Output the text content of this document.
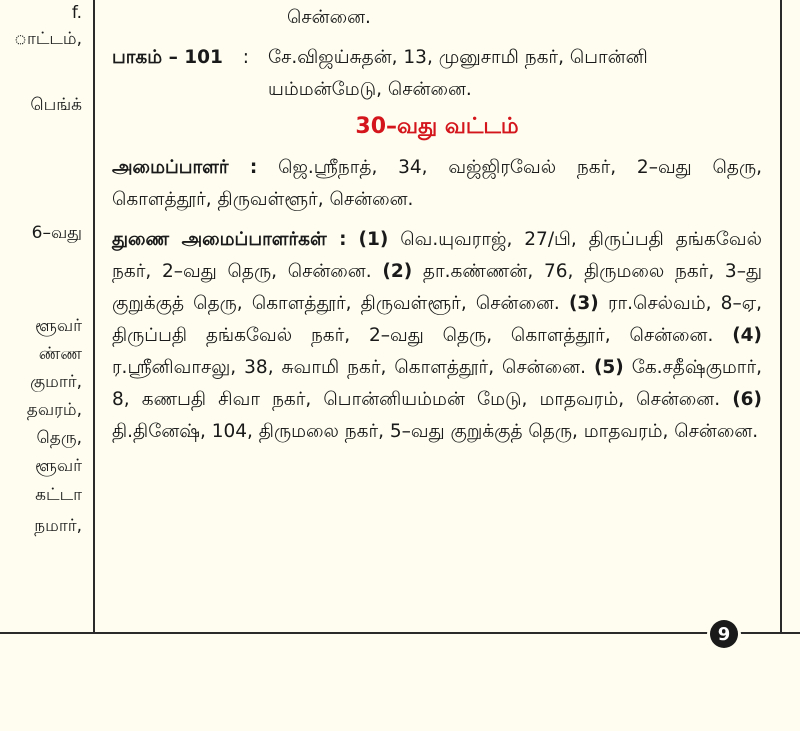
f.
ாட்டம்,
பெங்க்
6–வது
ளூவர்
ண்ண
குமார்,
தவரம்,
தெரு,
ளூவர்
கட்டா
நமார்,
9

சென்னை.

பாகம் – 101 :	சே.விஜய்சுதன், 13, முனுசாமி நகர், பொன்னி
யம்மன்மேடு, சென்னை.

30–வது வட்டம்

அமைப்பாளர் : ஜெ.ஸ்ரீநாத், 34, வஜ்ஜிரவேல் நகர், 2–வது தெரு, கொளத்தூர், திருவள்ளூர், சென்னை.

துணை அமைப்பாளர்கள் : (1) வெ.யுவராஜ், 27/பி, திருப்பதி தங்கவேல் நகர், 2–வது தெரு, சென்னை. (2) தா.கண்ணன், 76, திருமலை நகர், 3–து குறுக்குத் தெரு, கொளத்தூர், திருவள்ளூர், சென்னை. (3) ரா.செல்வம், 8–ஏ, திருப்பதி தங்கவேல் நகர், 2–வது தெரு, கொளத்தூர், சென்னை. (4) ர.ஸ்ரீனிவாசலு, 38, சுவாமி நகர், கொளத்தூர், சென்னை. (5) கே.சதீஷ்குமார், 8, கணபதி சிவா நகர், பொன்னியம்மன் மேடு, மாதவரம், சென்னை. (6) தி.தினேஷ், 104, திருமலை நகர், 5–வது குறுக்குத் தெரு, மாதவரம், சென்னை.
